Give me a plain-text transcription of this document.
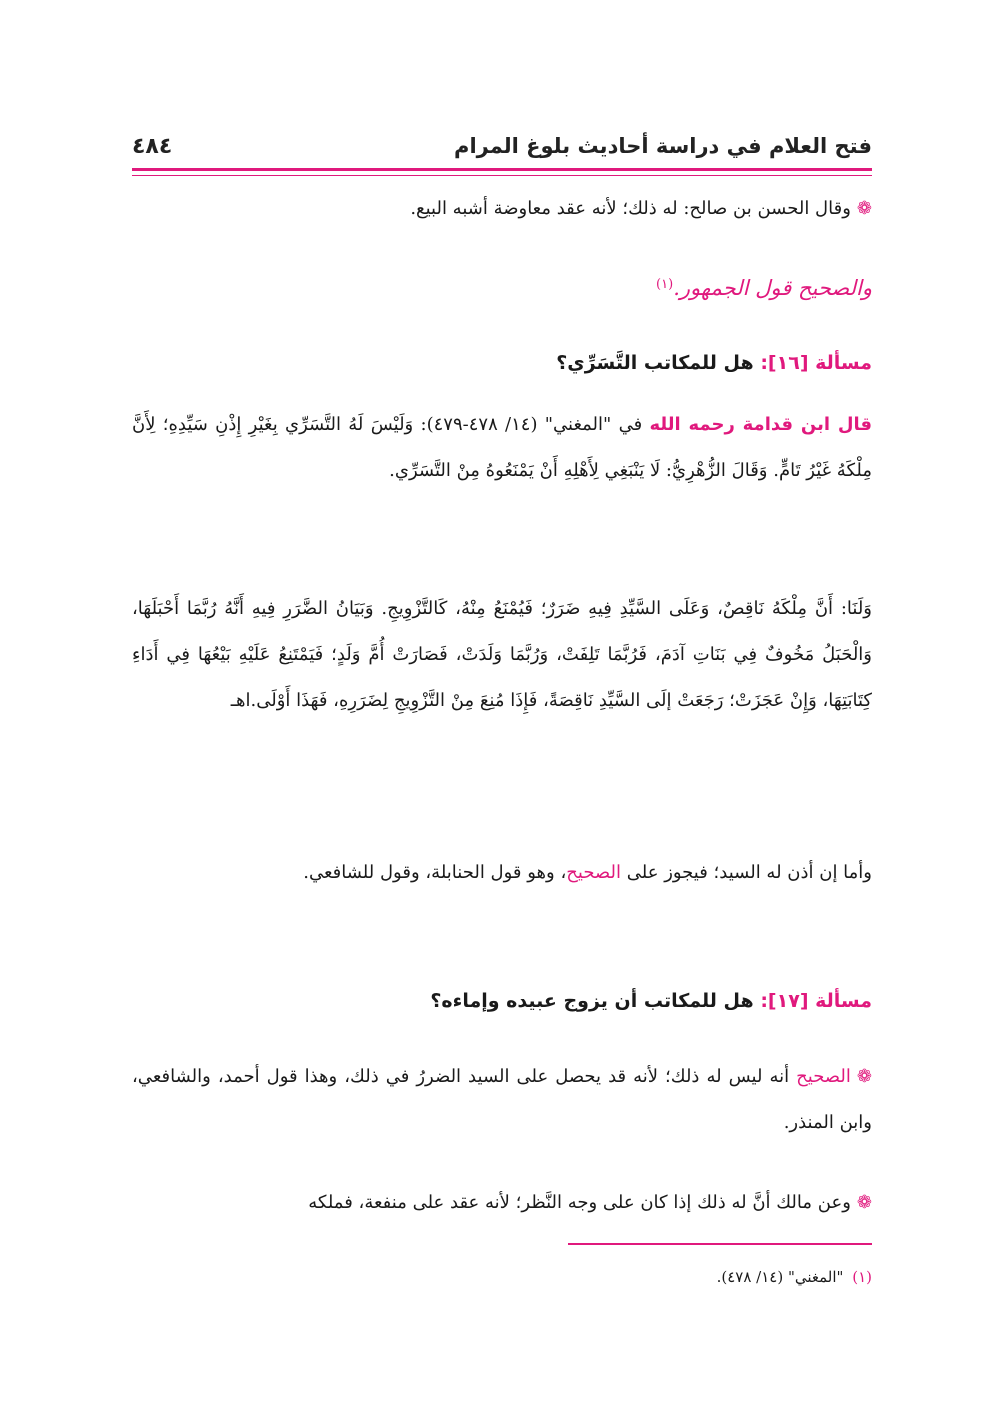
فتح العلام في دراسة أحاديث بلوغ المرام
٤٨٤

❁وقال الحسن بن صالح: له ذلك؛ لأنه عقد معاوضة أشبه البيع.

والصحيح قول الجمهور.$^{(١)}$

مسألة [١٦]: هل للمكاتب التَّسَرِّي؟

قال ابن قدامة رحمه الله في "المغني" (١٤/ ٤٧٨-٤٧٩): وَلَيْسَ لَهُ التَّسَرِّي بِغَيْرِ إِذْنِ سَيِّدِهِ؛ لِأَنَّ مِلْكَهُ غَيْرُ تَامٍّ. وَقَالَ الزُّهْرِيُّ: لَا يَنْبَغِي لِأَهْلِهِ أَنْ يَمْنَعُوهُ مِنْ التَّسَرِّي.

وَلَنَا: أَنَّ مِلْكَهُ نَاقِصٌ، وَعَلَى السَّيِّدِ فِيهِ ضَرَرٌ؛ فَيُمْنَعُ مِنْهُ، كَالتَّزْوِيجِ. وَبَيَانُ الضَّرَرِ فِيهِ أَنَّهُ رُبَّمَا أَحْبَلَهَا، وَالْحَبَلُ مَخُوفٌ فِي بَنَاتِ آدَمَ، فَرُبَّمَا تَلِفَتْ، وَرُبَّمَا وَلَدَتْ، فَصَارَتْ أُمَّ وَلَدٍ؛ فَيَمْتَنِعُ عَلَيْهِ بَيْعُهَا فِي أَدَاءِ كِتَابَتِهَا، وَإِنْ عَجَزَتْ؛ رَجَعَتْ إلَى السَّيِّدِ نَاقِصَةً، فَإِذَا مُنِعَ مِنْ التَّزْوِيجِ لِضَرَرِهِ، فَهَذَا أَوْلَى.اهـ

وأما إن أذن له السيد؛ فيجوز على الصحيح، وهو قول الحنابلة، وقول للشافعي.

مسألة [١٧]: هل للمكاتب أن يزوج عبيده وإماءه؟

❁الصحيح أنه ليس له ذلك؛ لأنه قد يحصل على السيد الضررُ في ذلك، وهذا قول أحمد، والشافعي، وابن المنذر.

❁وعن مالك أنَّ له ذلك إذا كان على وجه النَّظر؛ لأنه عقد على منفعة، فملكه

(١) "المغني" (١٤/ ٤٧٨).
